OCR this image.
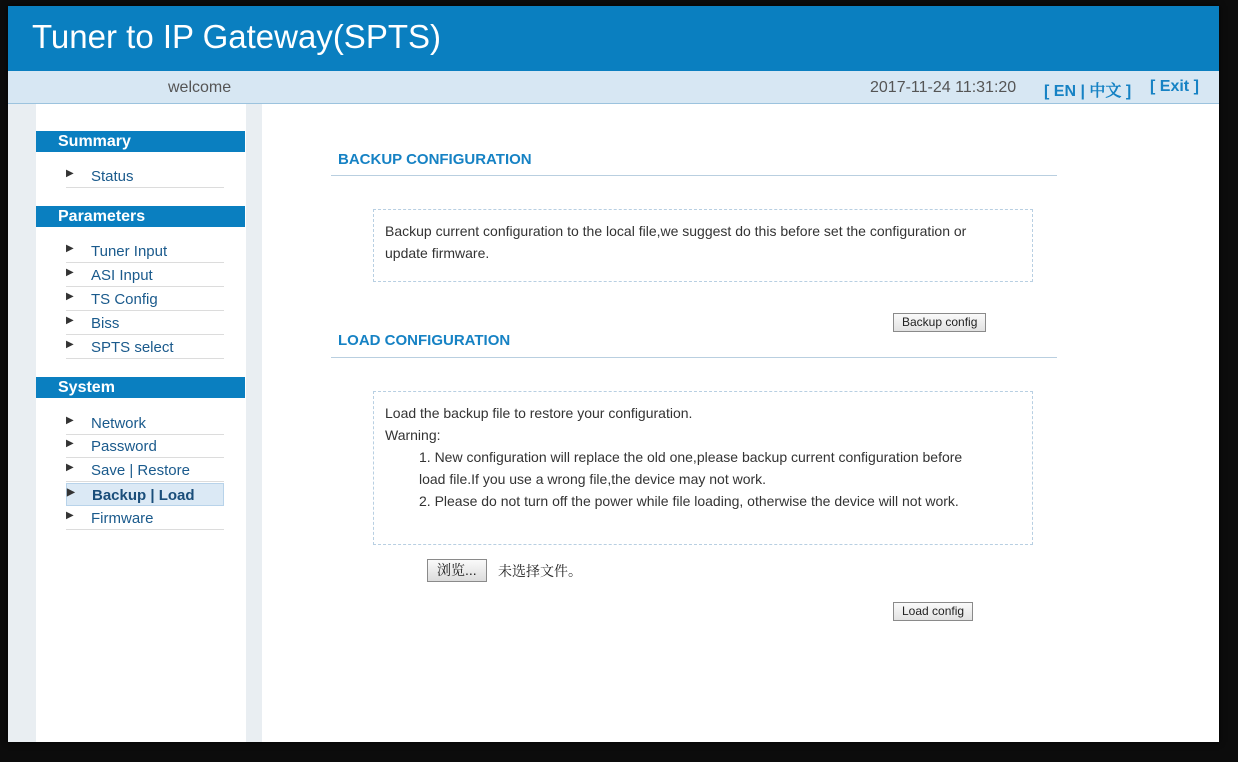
Tuner to IP Gateway(SPTS)
welcome	2017-11-24 11:31:20 [ EN | 中文 ] [ Exit ]
Summary
▶ Status
Parameters
▶ Tuner Input
▶ ASI Input
▶ TS Config
▶ Biss
▶ SPTS select
System
▶ Network
▶ Password
▶ Save | Restore
▶ Backup | Load
▶ Firmware
BACKUP CONFIGURATION
Backup current configuration to the local file,we suggest do this before set the configuration or
update firmware.
Backup config
LOAD CONFIGURATION
Load the backup file to restore your configuration.
Warning:
1. New configuration will replace the old one,please backup current configuration before
load file.If you use a wrong file,the device may not work.
2. Please do not turn off the power while file loading, otherwise the device will not work.
浏览...	未选择文件。
Load config
